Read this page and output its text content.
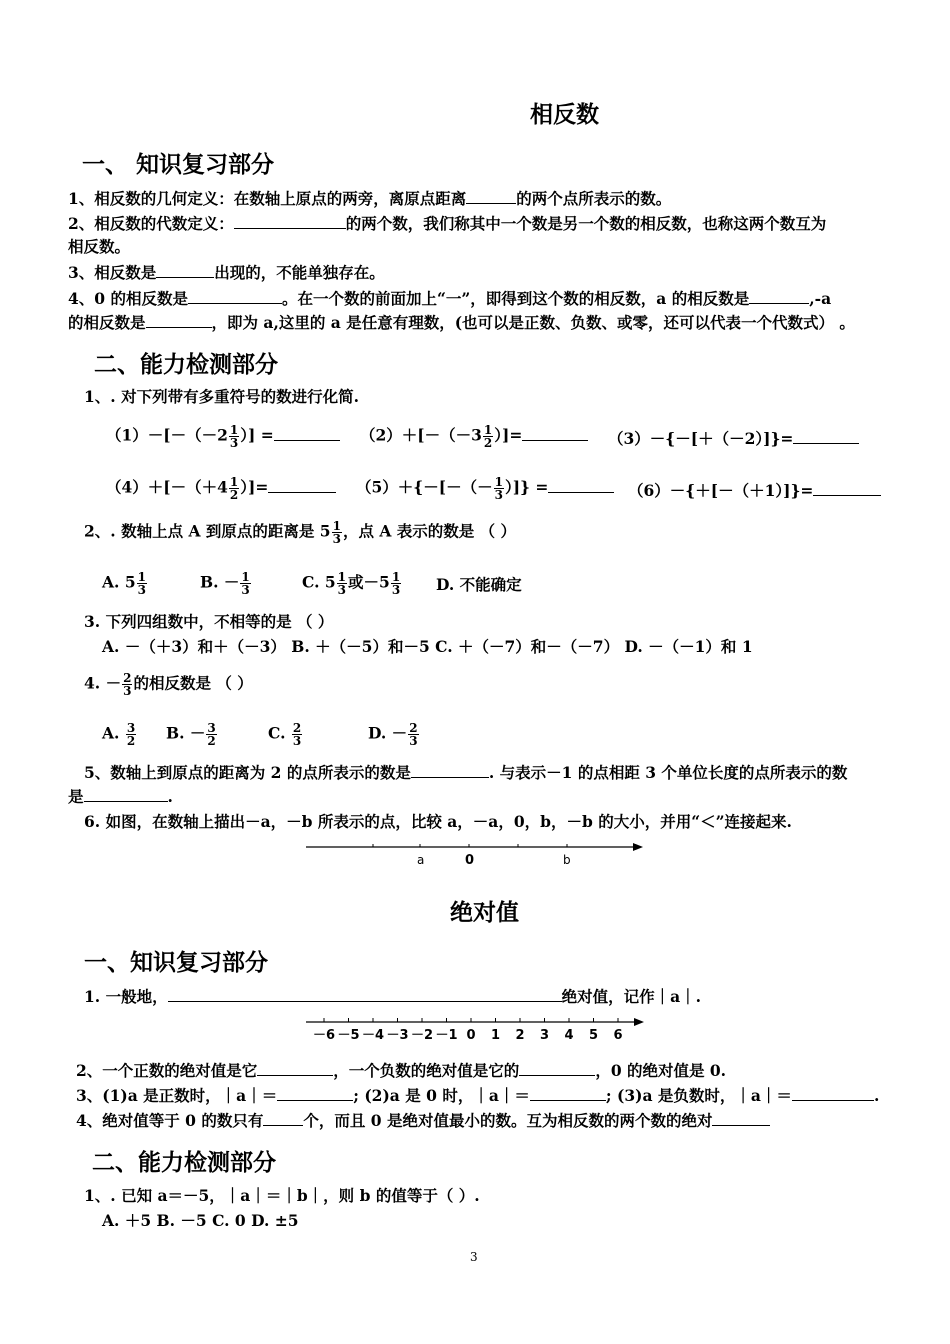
相反数
一、 知识复习部分
1、相反数的几何定义：在数轴上原点的两旁，离原点距离	的两个点所表示的数。
2、相反数的代数定义：	的两个数，我们称其中一个数是另一个数的相反数，也称这两个数互为
相反数。
3、相反数是	出现的，不能单独存在。
4、0 的相反数是	。在一个数的前面加上“一”，即得到这个数的相反数，a 的相反数是	,-a
的相反数是	，即为 a,这里的 a 是任意有理数，(也可以是正数、负数、或零，还可以代表一个代数式） 。
二、能力检测部分
1、. 对下列带有多重符号的数进行化简.
$(1)-[-(-2 \frac{1}{3}$ ）] =	$(2)+[-(-3 \frac{1}{2}$ ）]=	（3）－{－[＋（－2）]}=
$(4)+[-(+4 \frac{1}{2}$ ）]=	$(5)+\{-[-(- \frac{1}{3}$ ）]} =	（6）－{＋[－（＋1）]}=
2、. 数轴上点 A 到原点的距离是 $5 \frac{1}{3}$ ，点 A 表示的数是 （ ）
A. $5 \frac{1}{3}$	B. － $\frac{1}{3}$	C. $5 \frac{1}{3}$ 或$-5 \frac{1}{3} D$. 不能确定
3. 下列四组数中，不相等的是 （ ）
A. －（＋3）和＋（－3） B. ＋（－5）和－5 C. ＋（－7）和－（－7） D. －（－1）和 1
4. － $\frac{2}{3}$ 的相反数是 （ ）
A. $\frac{3}{2} B$. － $\frac{3}{2}$	C. $\frac{2}{3}$	D. － $\frac{2}{3}$
5、数轴上到原点的距离为 2 的点所表示的数是	. 与表示－1 的点相距 3 个单位长度的点所表示的数
是	.
6. 如图，在数轴上描出－a，－b 所表示的点，比较 a，－a，0，b，－b 的大小，并用“＜”连接起来.
a	0	b
绝对值
一、知识复习部分
1. 一般地，	绝对值，记作｜a｜.
－6 －5 －4 －3 －2 －1 0 1 2 3 4 5 6
2、一个正数的绝对值是它	，一个负数的绝对值是它的	，0 的绝对值是 0.
3、(1)a 是正数时，｜a｜＝	; (2)a 是 0 时，｜a｜＝	; (3)a 是负数时，｜a｜＝	.
4、绝对值等于 0 的数只有	个，而且 0 是绝对值最小的数。互为相反数的两个数的绝对
二、能力检测部分
1、. 已知 a＝－5，｜a｜＝｜b｜，则 b 的值等于（ ）.
A. ＋5 B. －5 C. 0 D. ±5
3
